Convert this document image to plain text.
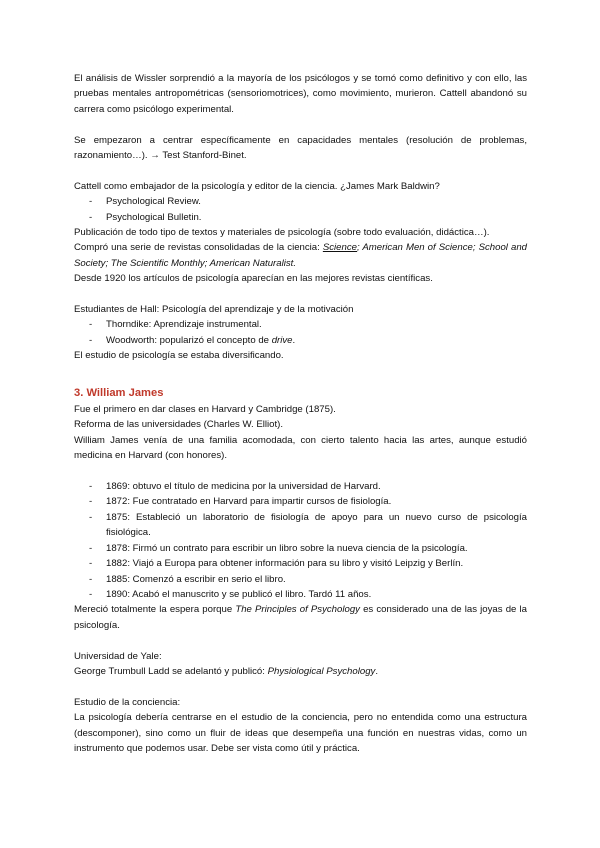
El análisis de Wissler sorprendió a la mayoría de los psicólogos y se tomó como definitivo y con ello, las pruebas mentales antropométricas (sensoriomotrices), como movimiento, murieron. Cattell abandonó su carrera como psicólogo experimental.

Se empezaron a centrar específicamente en capacidades mentales (resolución de problemas, razonamiento…). → Test Stanford-Binet.

Cattell como embajador de la psicología y editor de la ciencia. ¿James Mark Baldwin?

- Psychological Review.
- Psychological Bulletin.

Publicación de todo tipo de textos y materiales de psicología (sobre todo evaluación, didáctica…).

Compró una serie de revistas consolidadas de la ciencia: Science; American Men of Science; School and Society; The Scientific Monthly; American Naturalist.

Desde 1920 los artículos de psicología aparecían en las mejores revistas científicas.

Estudiantes de Hall: Psicología del aprendizaje y de la motivación

- Thorndike: Aprendizaje instrumental.
- Woodworth: popularizó el concepto de drive.

El estudio de psicología se estaba diversificando.

3. William James

Fue el primero en dar clases en Harvard y Cambridge (1875).

Reforma de las universidades (Charles W. Elliot).

William James venía de una familia acomodada, con cierto talento hacia las artes, aunque estudió medicina en Harvard (con honores).

- 1869: obtuvo el título de medicina por la universidad de Harvard.
- 1872: Fue contratado en Harvard para impartir cursos de fisiología.
- 1875: Estableció un laboratorio de fisiología de apoyo para un nuevo curso de psicología fisiológica.
- 1878: Firmó un contrato para escribir un libro sobre la nueva ciencia de la psicología.
- 1882: Viajó a Europa para obtener información para su libro y visitó Leipzig y Berlín.
- 1885: Comenzó a escribir en serio el libro.
- 1890: Acabó el manuscrito y se publicó el libro. Tardó 11 años.

Mereció totalmente la espera porque The Principles of Psychology es considerado una de las joyas de la psicología.

Universidad de Yale:

George Trumbull Ladd se adelantó y publicó: Physiological Psychology.

Estudio de la conciencia:

La psicología debería centrarse en el estudio de la conciencia, pero no entendida como una estructura (descomponer), sino como un fluir de ideas que desempeña una función en nuestras vidas, como un instrumento que podemos usar. Debe ser vista como útil y práctica.
